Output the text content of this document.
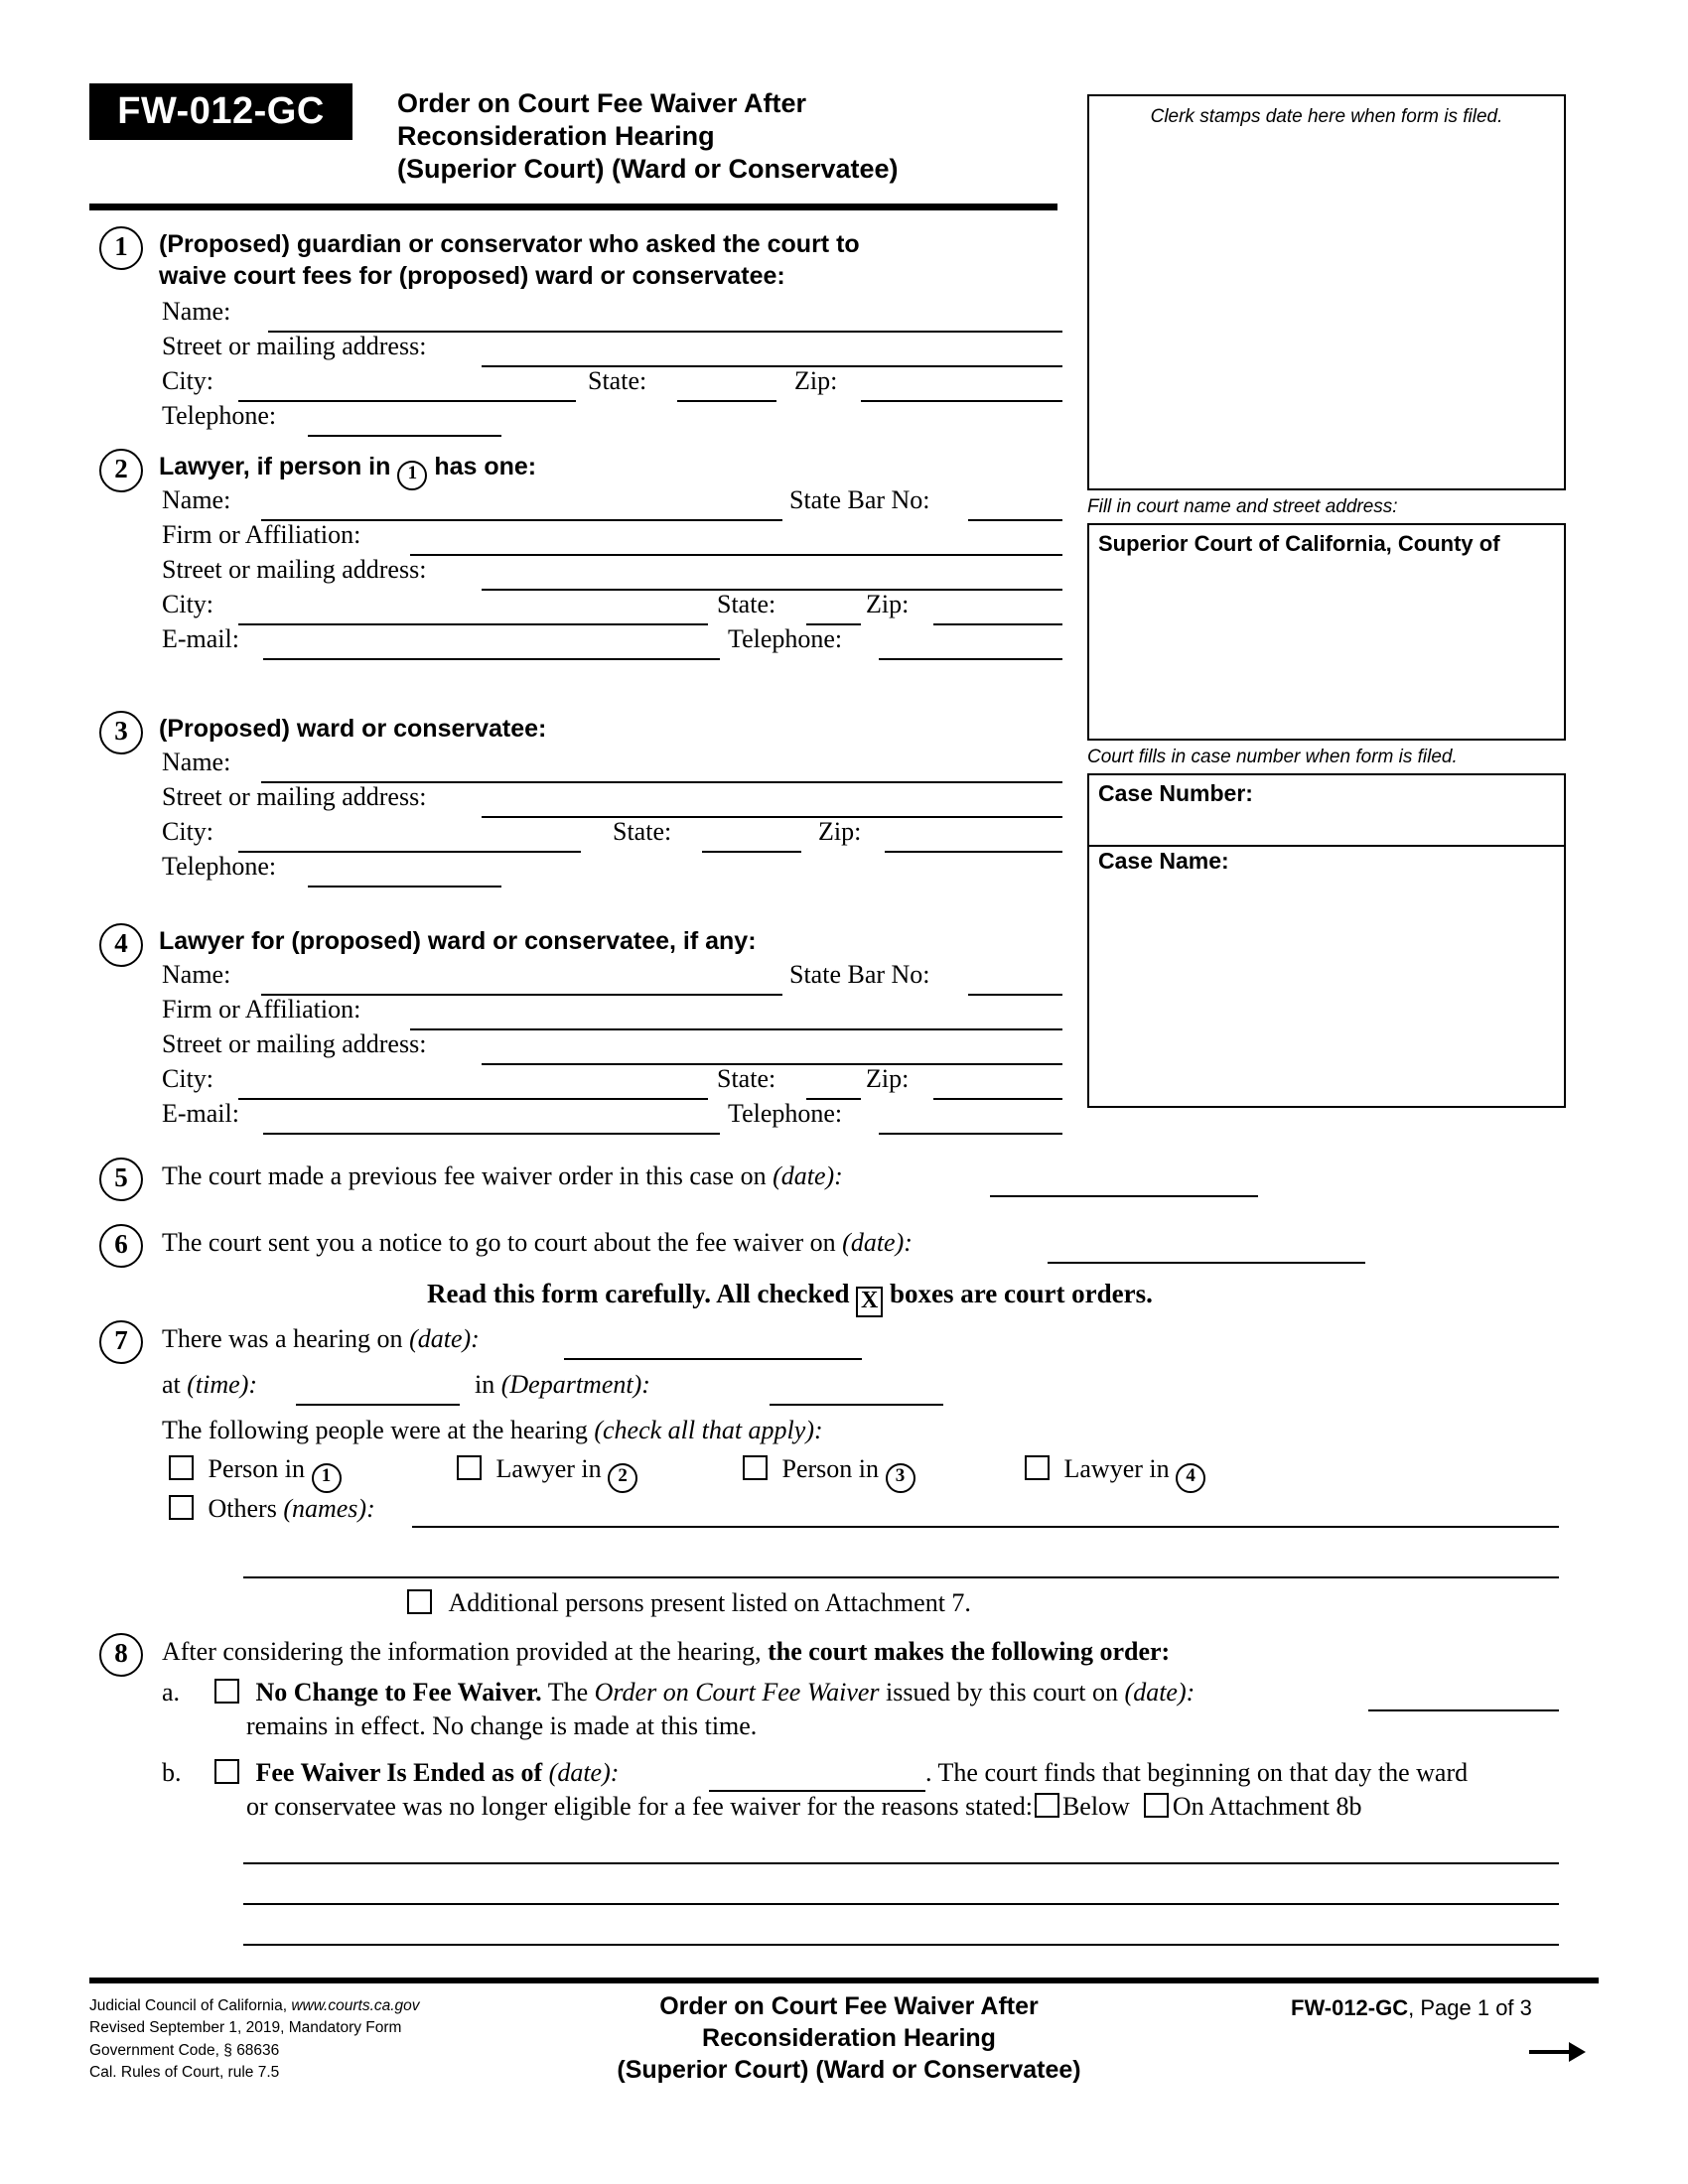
FW-012-GC	Order on Court Fee Waiver After
Reconsideration Hearing
(Superior Court) (Ward or Conservatee)
Clerk stamps date here when form is filed.
Fill in court name and street address:
Superior Court of California, County of
Court fills in case number when form is filed.
Case Number:
Case Name:
1	(Proposed) guardian or conservator who asked the court to
waive court fees for (proposed) ward or conservatee:
Name:
Street or mailing address:
City:	State:	Zip:
Telephone:
2	Lawyer, if person in 1 has one:
Name:	State Bar No:
Firm or Affiliation:
Street or mailing address:
City:	State:	Zip:
E-mail:	Telephone:
3	(Proposed) ward or conservatee:
Name:
Street or mailing address:
City:	State:	Zip:
Telephone:
4	Lawyer for (proposed) ward or conservatee, if any:
Name:	State Bar No:
Firm or Affiliation:
Street or mailing address:
City:	State:	Zip:
E-mail:	Telephone:
5	The court made a previous fee waiver order in this case on (date):
6	The court sent you a notice to go to court about the fee waiver on (date):
Read this form carefully. All checked X boxes are court orders.
7	There was a hearing on (date):
at (time):	in (Department):
The following people were at the hearing (check all that apply):
Person in 1	Lawyer in 2	Person in 3	Lawyer in 4
Others (names):
Additional persons present listed on Attachment 7.
8	After considering the information provided at the hearing, the court makes the following order:
a.	No Change to Fee Waiver. The Order on Court Fee Waiver issued by this court on (date):
remains in effect. No change is made at this time.
b.	Fee Waiver Is Ended as of (date):	. The court finds that beginning on that day the ward
or conservatee was no longer eligible for a fee waiver for the reasons stated: Below On Attachment 8b
Judicial Council of California, www.courts.ca.gov
Revised September 1, 2019, Mandatory Form
Government Code, § 68636
Cal. Rules of Court, rule 7.5
Order on Court Fee Waiver After
Reconsideration Hearing
(Superior Court) (Ward or Conservatee)
FW-012-GC, Page 1 of 3
